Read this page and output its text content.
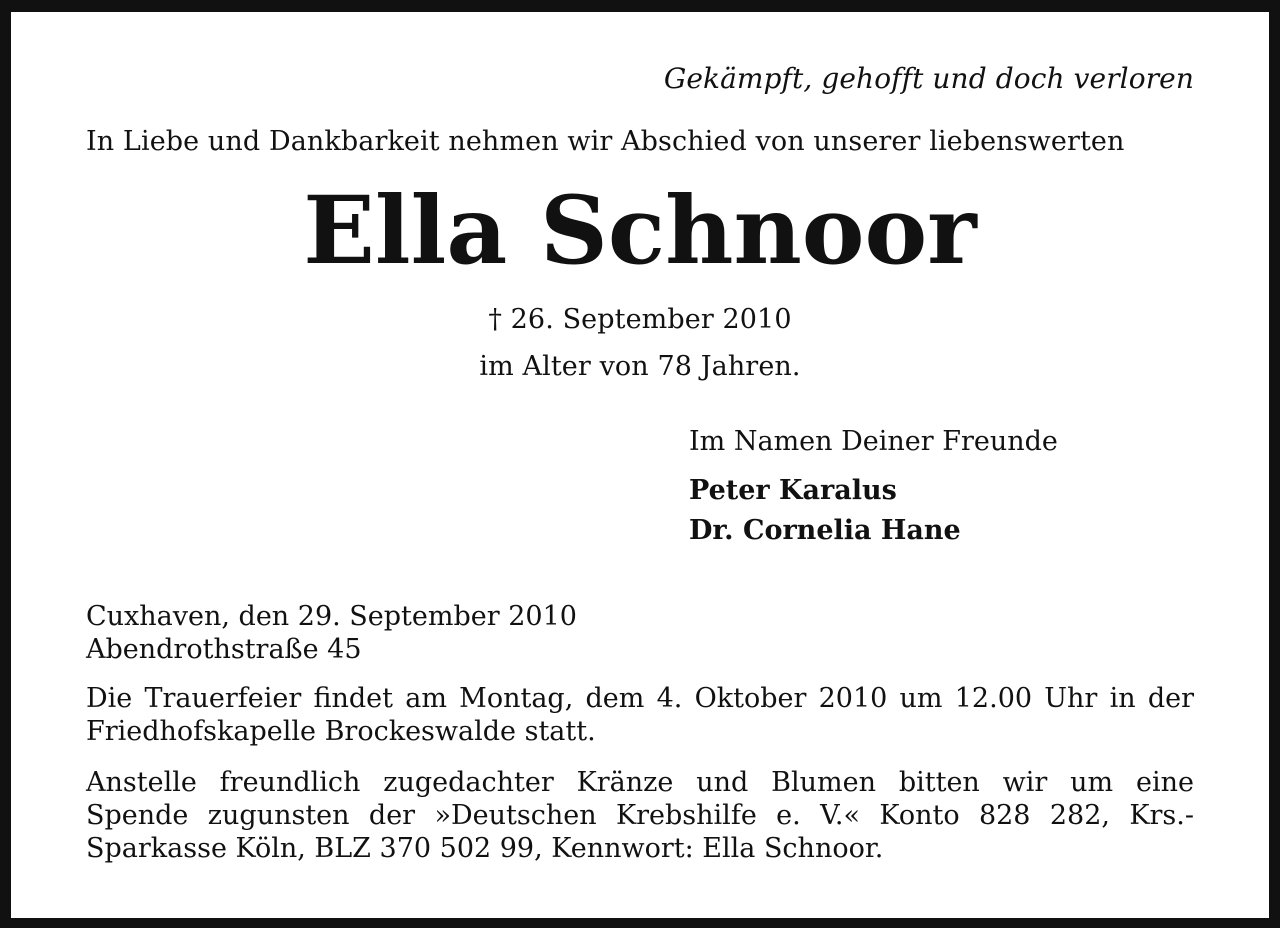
Gekämpft, gehofft und doch verloren

In Liebe und Dankbarkeit nehmen wir Abschied von unserer liebenswerten

Ella Schnoor

† 26. September 2010

im Alter von 78 Jahren.

Im Namen Deiner Freunde
Peter Karalus
Dr. Cornelia Hane
Cuxhaven, den 29. September 2010
Abendrothstraße 45
Die Trauerfeier findet am Montag, dem 4. Oktober 2010 um 12.00 Uhr in der
Friedhofskapelle Brockeswalde statt.
Anstelle freundlich zugedachter Kränze und Blumen bitten wir um eine
Spende zugunsten der »Deutschen Krebshilfe e. V.« Konto 828 282, Krs.-
Sparkasse Köln, BLZ 370 502 99, Kennwort: Ella Schnoor.
